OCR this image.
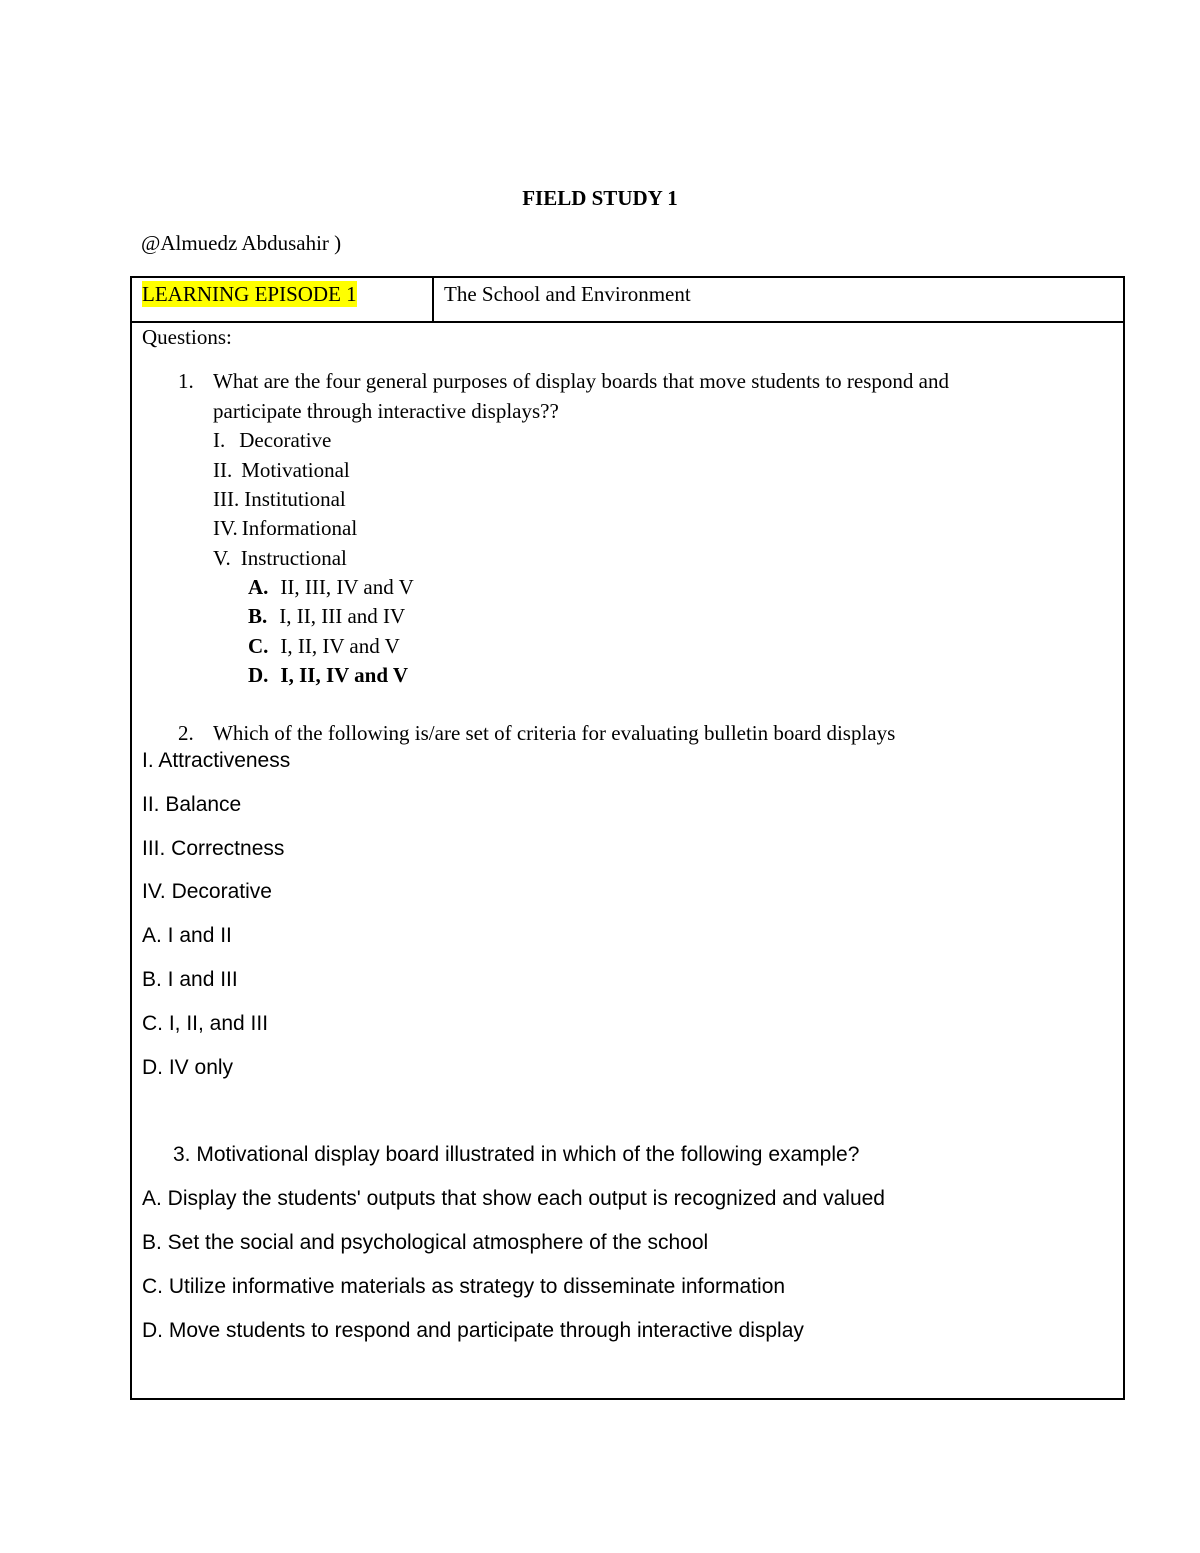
FIELD STUDY 1
@Almuedz Abdusahir )
LEARNING EPISODE 1	The School and Environment
Questions:
1. What are the four general purposes of display boards that move students to respond and
participate through interactive displays??
I. Decorative
II. Motivational
III. Institutional
IV. Informational
V. Instructional
A. II, III, IV and V
B. I, II, III and IV
C. I, II, IV and V
D. I, II, IV and V
2. Which of the following is/are set of criteria for evaluating bulletin board displays
I. Attractiveness
II. Balance
III. Correctness
IV. Decorative
A. I and II
B. I and III
C. I, II, and III
D. IV only
3. Motivational display board illustrated in which of the following example?
A. Display the students' outputs that show each output is recognized and valued
B. Set the social and psychological atmosphere of the school
C. Utilize informative materials as strategy to disseminate information
D. Move students to respond and participate through interactive display
